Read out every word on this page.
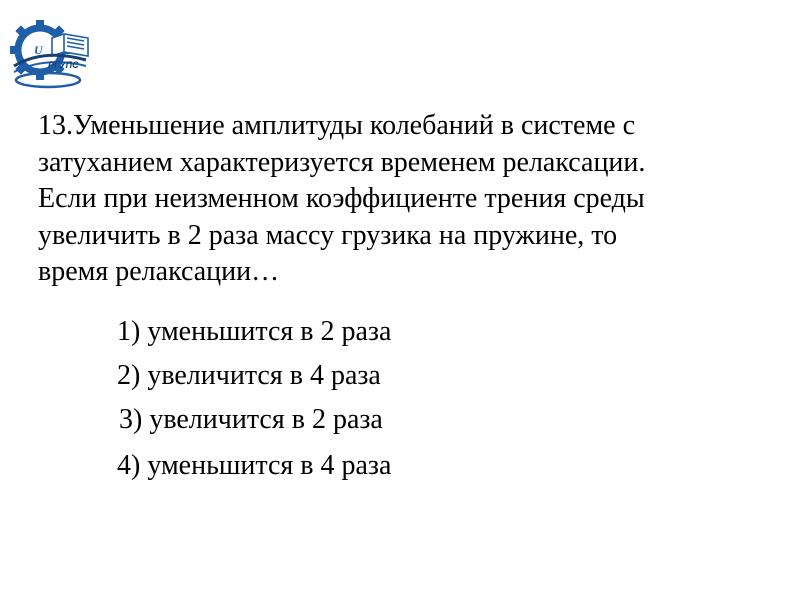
U
РГУПС
13.Уменьшение амплитуды колебаний в системе с
затуханием характеризуется временем релаксации.
Если при неизменном коэффициенте трения среды
увеличить в 2 раза массу грузика на пружине, то
время релаксации…
1) уменьшится в 2 раза
2) увеличится в 4 раза
3) увеличится в 2 раза
4) уменьшится в 4 раза
